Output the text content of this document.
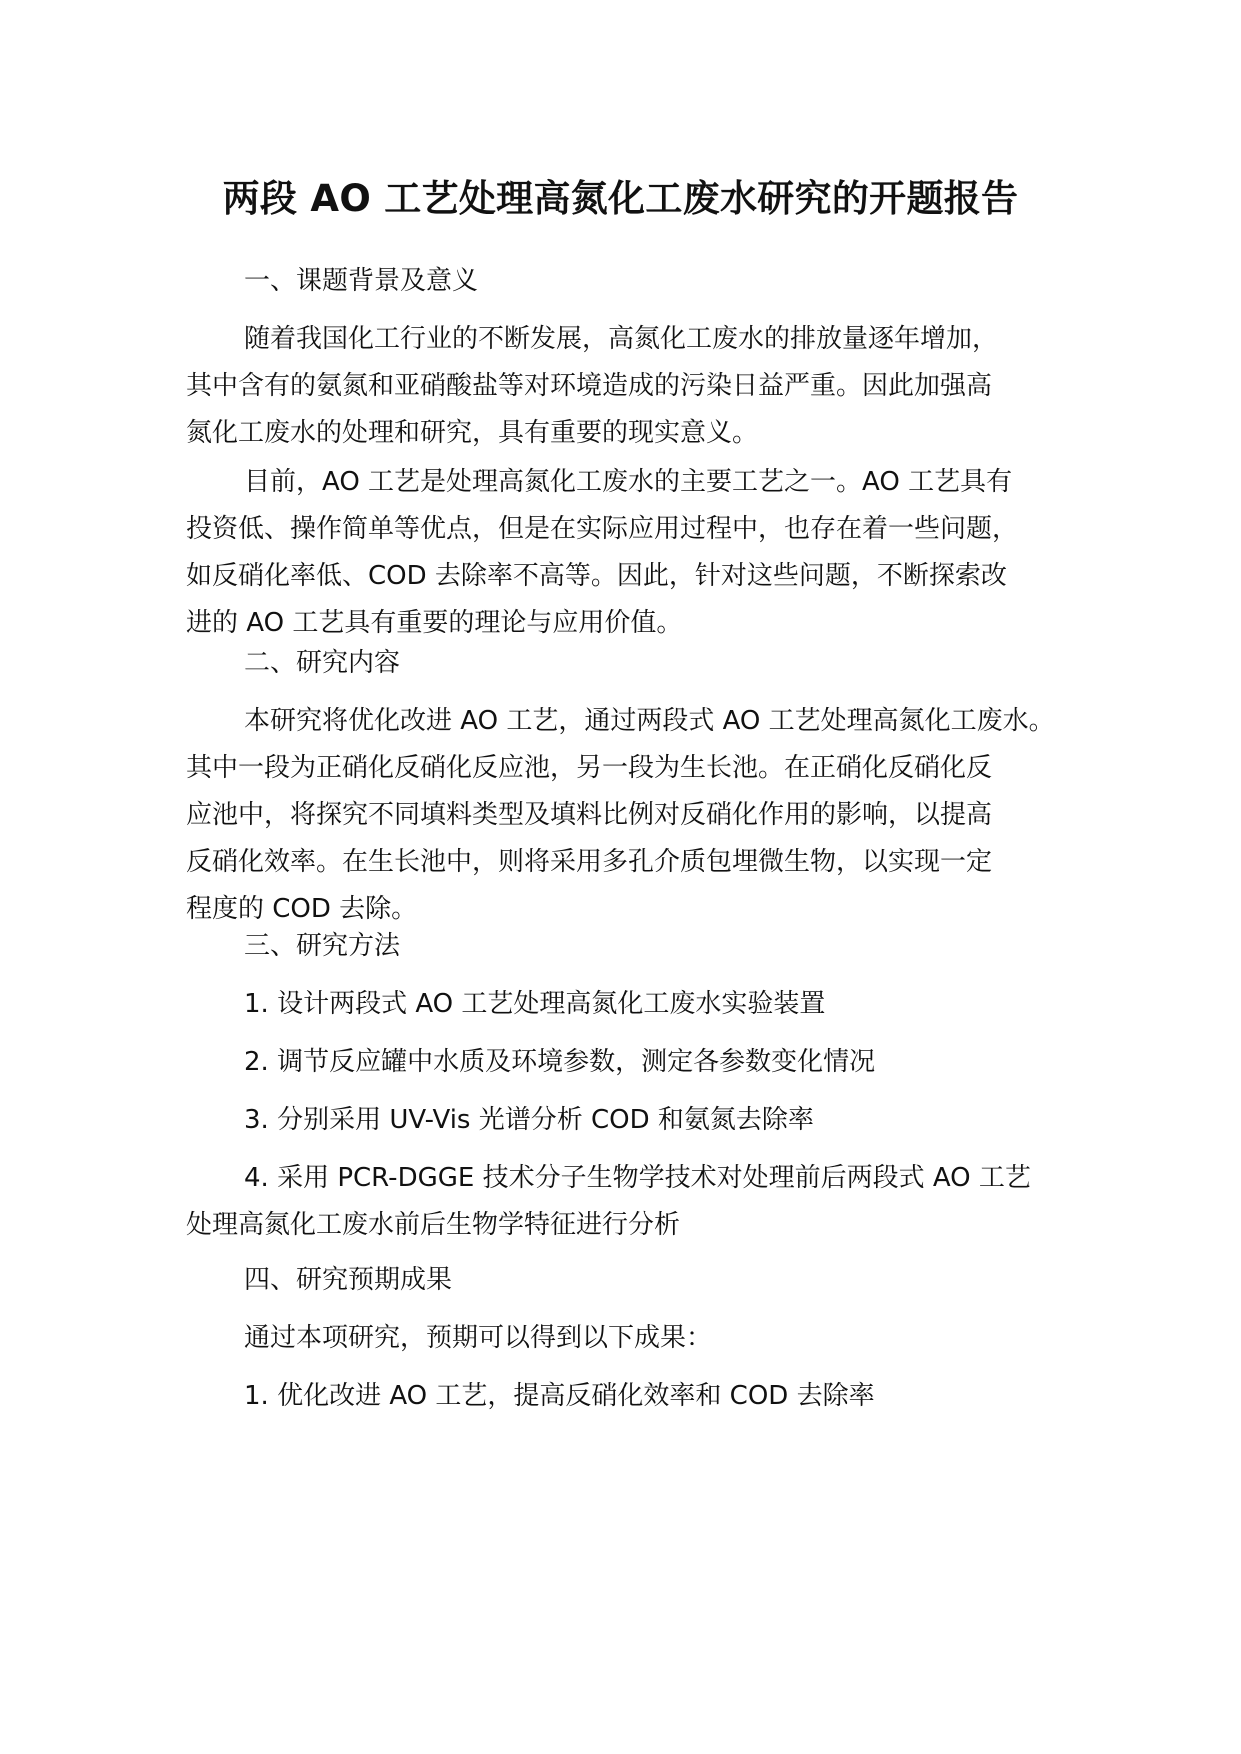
两段 AO 工艺处理高氮化工废水研究的开题报告
一、课题背景及意义
随着我国化工行业的不断发展，高氮化工废水的排放量逐年增加，
其中含有的氨氮和亚硝酸盐等对环境造成的污染日益严重。因此加强高
氮化工废水的处理和研究，具有重要的现实意义。
目前，AO 工艺是处理高氮化工废水的主要工艺之一。AO 工艺具有
投资低、操作简单等优点，但是在实际应用过程中，也存在着一些问题，
如反硝化率低、COD 去除率不高等。因此，针对这些问题，不断探索改
进的 AO 工艺具有重要的理论与应用价值。
二、研究内容
本研究将优化改进 AO 工艺，通过两段式 AO 工艺处理高氮化工废水。
其中一段为正硝化反硝化反应池，另一段为生长池。在正硝化反硝化反
应池中，将探究不同填料类型及填料比例对反硝化作用的影响，以提高
反硝化效率。在生长池中，则将采用多孔介质包埋微生物，以实现一定
程度的 COD 去除。
三、研究方法
1. 设计两段式 AO 工艺处理高氮化工废水实验装置
2. 调节反应罐中水质及环境参数，测定各参数变化情况
3. 分别采用 UV-Vis 光谱分析 COD 和氨氮去除率
4. 采用 PCR-DGGE 技术分子生物学技术对处理前后两段式 AO 工艺
处理高氮化工废水前后生物学特征进行分析
四、研究预期成果
通过本项研究，预期可以得到以下成果：
1. 优化改进 AO 工艺，提高反硝化效率和 COD 去除率
